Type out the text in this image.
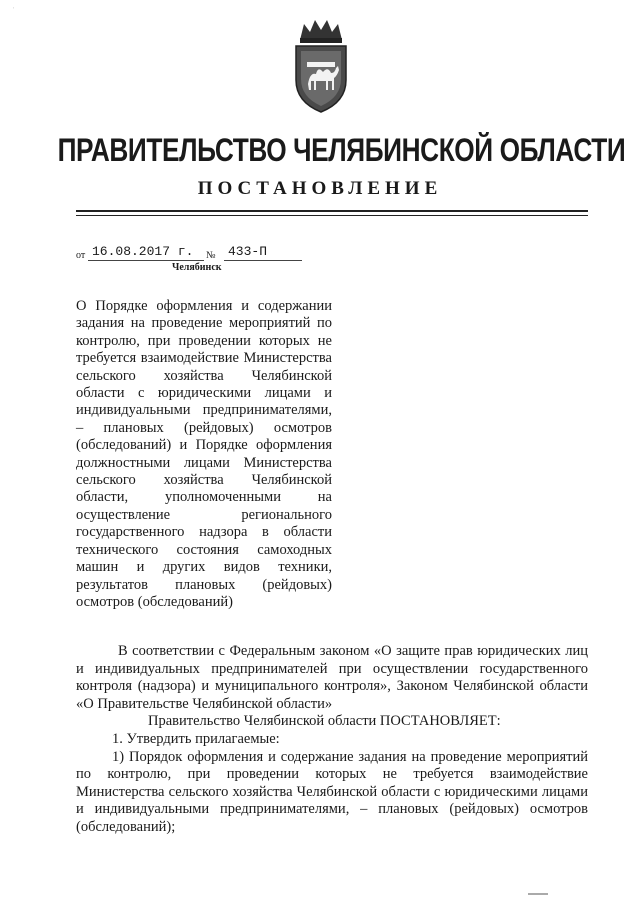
ˈ
ПРАВИТЕЛЬСТВО ЧЕЛЯБИНСКОЙ ОБЛАСТИ
ПОСТАНОВЛЕНИЕ
от 16.08.2017 г.	№ 433-П
Челябинск
О Порядке оформления и содержании задания на проведение мероприятий по контролю, при проведении которых не требуется взаимодействие Министерства сельского хозяйства Челябинской области с юридическими лицами и индивидуальными предпринимателями, – плановых (рейдовых) осмотров (обследований) и Порядке оформления должностными лицами Министерства сельского хозяйства Челябинской области, уполномоченными на осуществление регионального государственного надзора в области технического состояния самоходных машин и других видов техники, результатов плановых (рейдовых) осмотров (обследований)

В соответствии с Федеральным законом «О защите прав юридических лиц и индивидуальных предпринимателей при осуществлении государственного контроля (надзора) и муниципального контроля», Законом Челябинской области «О Правительстве Челябинской области»

Правительство Челябинской области ПОСТАНОВЛЯЕТ:

1. Утвердить прилагаемые:

1) Порядок оформления и содержание задания на проведение мероприятий по контролю, при проведении которых не требуется взаимодействие Министерства сельского хозяйства Челябинской области с юридическими лицами и индивидуальными предпринимателями, – плановых (рейдовых) осмотров (обследований);
